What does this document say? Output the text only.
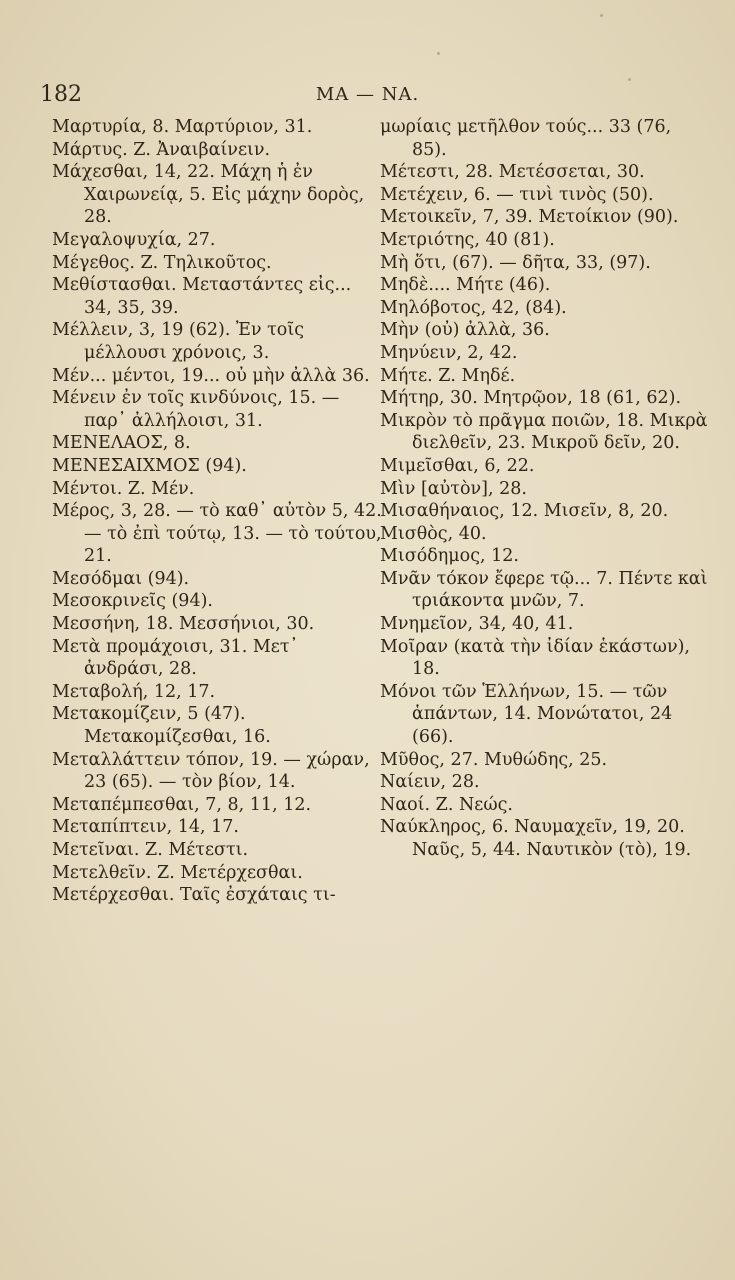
182	ΜΑ — ΝΑ.

Μαρτυρία, 8. Μαρτύριον, 31.

Μάρτυς. Ζ. Ἀναιβαίνειν.

Μάχεσθαι, 14, 22. Μάχη ἡ ἐν Χαιρωνείᾳ, 5. Εἰς μάχην δορὸς, 28.

Μεγαλοψυχία, 27.

Μέγεθος. Ζ. Τηλικοῦτος.

Μεθίστασθαι. Μεταστάντες εἰς... 34, 35, 39.

Μέλλειν, 3, 19 (62). Ἐν τοῖς μέλλουσι χρόνοις, 3.

Μέν... μέντοι, 19... οὐ μὴν ἀλλὰ 36.

Μένειν ἐν τοῖς κινδύνοις, 15. — παρ᾽ ἀλλήλοισι, 31.

ΜΕΝΕΛΑΟΣ, 8.

ΜΕΝΕΣΑΙΧΜΟΣ (94).

Μέντοι. Ζ. Μέν.

Μέρος, 3, 28. — τὸ καθ᾽ αὐτὸν 5, 42. — τὸ ἐπὶ τούτῳ, 13. — τὸ τούτου, 21.

Μεσόδμαι (94).

Μεσοκρινεῖς (94).

Μεσσήνη, 18. Μεσσήνιοι, 30.

Μετὰ προμάχοισι, 31. Μετ᾽ ἀνδράσι, 28.

Μεταβολή, 12, 17.

Μετακομίζειν, 5 (47). Μετακομίζεσθαι, 16.

Μεταλλάττειν τόπον, 19. — χώραν, 23 (65). — τὸν βίον, 14.

Μεταπέμπεσθαι, 7, 8, 11, 12.

Μεταπίπτειν, 14, 17.

Μετεῖναι. Ζ. Μέτεστι.

Μετελθεῖν. Ζ. Μετέρχεσθαι.

Μετέρχεσθαι. Ταῖς ἐσχάταις τι-

μωρίαις μετῆλθον τούς... 33 (76, 85).

Μέτεστι, 28. Μετέσσεται, 30.

Μετέχειν, 6. — τινὶ τινὸς (50).

Μετοικεῖν, 7, 39. Μετοίκιον (90).

Μετριότης, 40 (81).

Μὴ ὅτι, (67). — δῆτα, 33, (97).

Μηδὲ.... Μήτε (46).

Μηλόβοτος, 42, (84).

Μὴν (οὐ) ἀλλὰ, 36.

Μηνύειν, 2, 42.

Μήτε. Ζ. Μηδέ.

Μήτηρ, 30. Μητρῷον, 18 (61, 62).

Μικρὸν τὸ πρᾶγμα ποιῶν, 18. Μικρὰ διελθεῖν, 23. Μικροῦ δεῖν, 20.

Μιμεῖσθαι, 6, 22.

Μὶν [αὐτὸν], 28.

Μισαθήναιος, 12. Μισεῖν, 8, 20.

Μισθὸς, 40.

Μισόδημος, 12.

Μνᾶν τόκον ἔφερε τῷ... 7. Πέντε καὶ τριάκοντα μνῶν, 7.

Μνημεῖον, 34, 40, 41.

Μοῖραν (κατὰ τὴν ἰδίαν ἑκάστων), 18.

Μόνοι τῶν Ἑλλήνων, 15. — τῶν ἁπάντων, 14. Μονώτατοι, 24 (66).

Μῦθος, 27. Μυθώδης, 25.

Ναίειν, 28.

Ναοί. Ζ. Νεώς.

Ναύκληρος, 6. Ναυμαχεῖν, 19, 20. Ναῦς, 5, 44. Ναυτικὸν (τὸ), 19.
